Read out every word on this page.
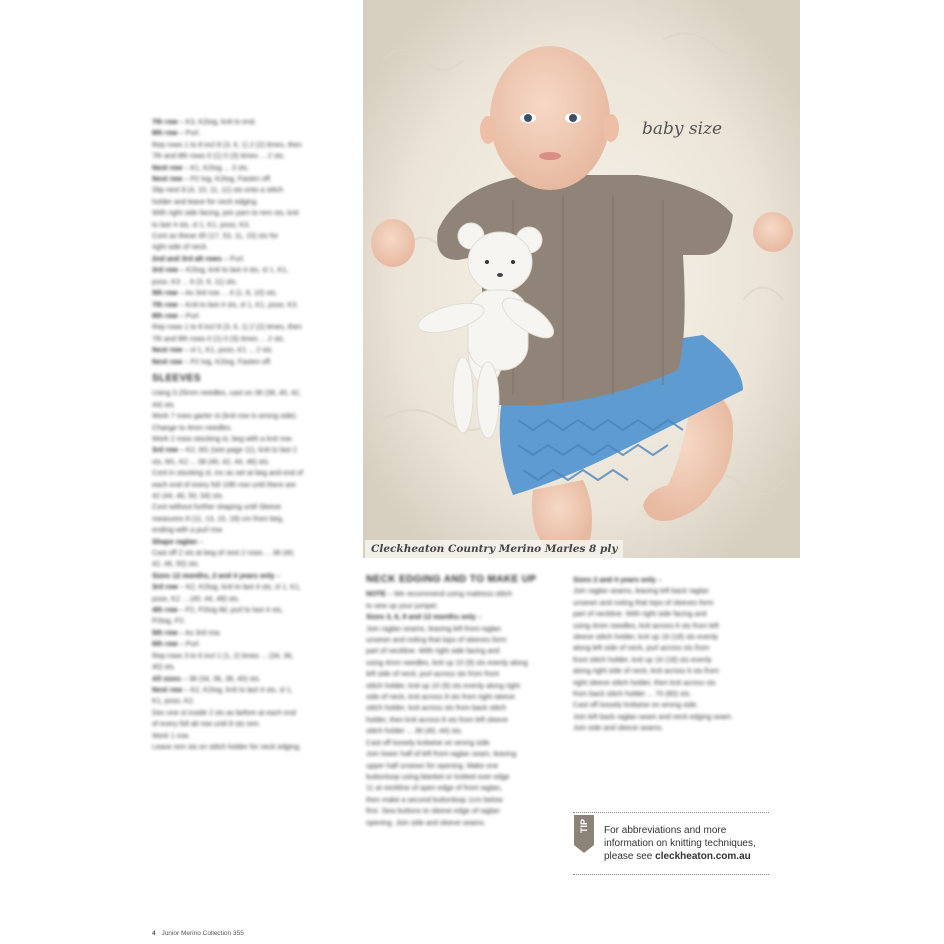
7th row – K3, K2tog, knit to end.

8th row – Purl.

Rep rows 1 to 8 incl 8 (3, 6, 1) 2 (2) times, then

7th and 8th rows 0 (1) 0 (3) times ... 2 sts.

Next row – K1, K2tog ... 3 sts.

Next row – P2 tog, K2tog, Fasten off.

Slip next 8 (4, 10, 11, 11) sts onto a stitch

holder and leave for neck edging.

With right side facing, join yarn to rem sts, knit

to last 4 sts, sl 1, K1, psso, K3.

Cont as these 45 (17, 53, 11, 15) sts for

right side of neck.

2nd and 3rd alt rows – Purl.

3rd row – K2tog, knit to last 4 sts, sl 1, K1,

psso, K3 ... 6 (3, 9, 11) sts.

5th row – As 3rd row ... 4 (1, 8, 10) sts.

7th row – Knit to last 4 sts, sl 1, K1, psso, K3.

8th row – Purl.

Rep rows 1 to 8 incl 8 (3, 6, 1) 2 (2) times, then

7th and 8th rows 0 (1) 0 (3) times ... 2 sts.

Next row – sl 1, K1, psso, K1 ... 2 sts.

Next row – P2 tog, K2tog, Fasten off.

SLEEVES

Using 3.25mm needles, cast on 36 (38, 40, 42,

44) sts.

Work 7 rows garter st (knit row is wrong side).

Change to 4mm needles.

Work 2 rows stocking st, beg with a knit row.

3rd row – K2, M1 (see page 11), knit to last 2

sts, M1, K2 ... 38 (40, 42, 44, 46) sts.

Cont in stocking st, inc as set at beg and end of

each end of every foll 10th row until there are

42 (44, 46, 50, 54) sts.

Cont without further shaping until Sleeve

measures 9 (11, 13, 15, 18) cm from beg,

ending with a purl row.

Shape raglan –

Cast off 2 sts at beg of next 2 rows ... 38 (40,

42, 46, 50) sts.

Sizes 12 months, 2 and 4 years only –

3rd row – K2, K2tog, knit to last 4 sts, sl 1, K1,

psso, K2 ... (40, 44, 48) sts.

4th row – P2, P2tog tbl, purl to last 4 sts,

P2tog, P2.

5th row – As 3rd row.

6th row – Purl.

Rep rows 3 to 6 incl 1 (1, 2) times ... (34, 36,

40) sts.

All sizes – 38 (34, 36, 38, 40) sts.

Next row – K2, K2tog, knit to last 4 sts, sl 1,

K1, psso, K2.

Dec one st inside 2 sts as before at each end

of every foll alt row until 8 sts rem.

Work 1 row.

Leave rem sts on stitch holder for neck edging.

baby size
Cleckheaton Country Merino Marles 8 ply
NECK EDGING AND TO MAKE UP

NOTE – We recommend using mattress stitch

to sew up your jumper.

Sizes 3, 6, 9 and 12 months only –

Join raglan seams, leaving left front raglan

unsewn and noting that tops of sleeves form

part of neckline. With right side facing and

using 4mm needles, knit up 10 (9) sts evenly along

left side of neck, purl across sts from front

stitch holder, knit up 10 (9) sts evenly along right

side of neck, knit across 8 sts from right sleeve

stitch holder, knit across sts from back stitch

holder, then knit across 8 sts from left sleeve

stitch holder ... 36 (40, 44) sts.

Cast off loosely knitwise on wrong side.

Join lower half of left front raglan seam, leaving

upper half unsewn for opening. Make one

buttonloop using blanket or knitted over edge

11 at neckline of open edge of front raglan,

then make a second buttonloop 1cm below

first. Sew buttons to sleeve edge of raglan

opening. Join side and sleeve seams.

Sizes 2 and 4 years only –

Join raglan seams, leaving left back raglan

unsewn and noting that tops of sleeves form

part of neckline. With right side facing and

using 4mm needles, knit across 6 sts from left

sleeve stitch holder, knit up 16 (18) sts evenly

along left side of neck, purl across sts from

front stitch holder, knit up 16 (18) sts evenly

along right side of neck, knit across 6 sts from

right sleeve stitch holder, then knit across sts

from back stitch holder ... 70 (80) sts.

Cast off loosely knitwise on wrong side.

Join left back raglan seam and neck edging seam.

Join side and sleeve seams.

TIP	For abbreviations and more
information on knitting techniques,
please see cleckheaton.com.au
4 Junior Merino Collection 355
